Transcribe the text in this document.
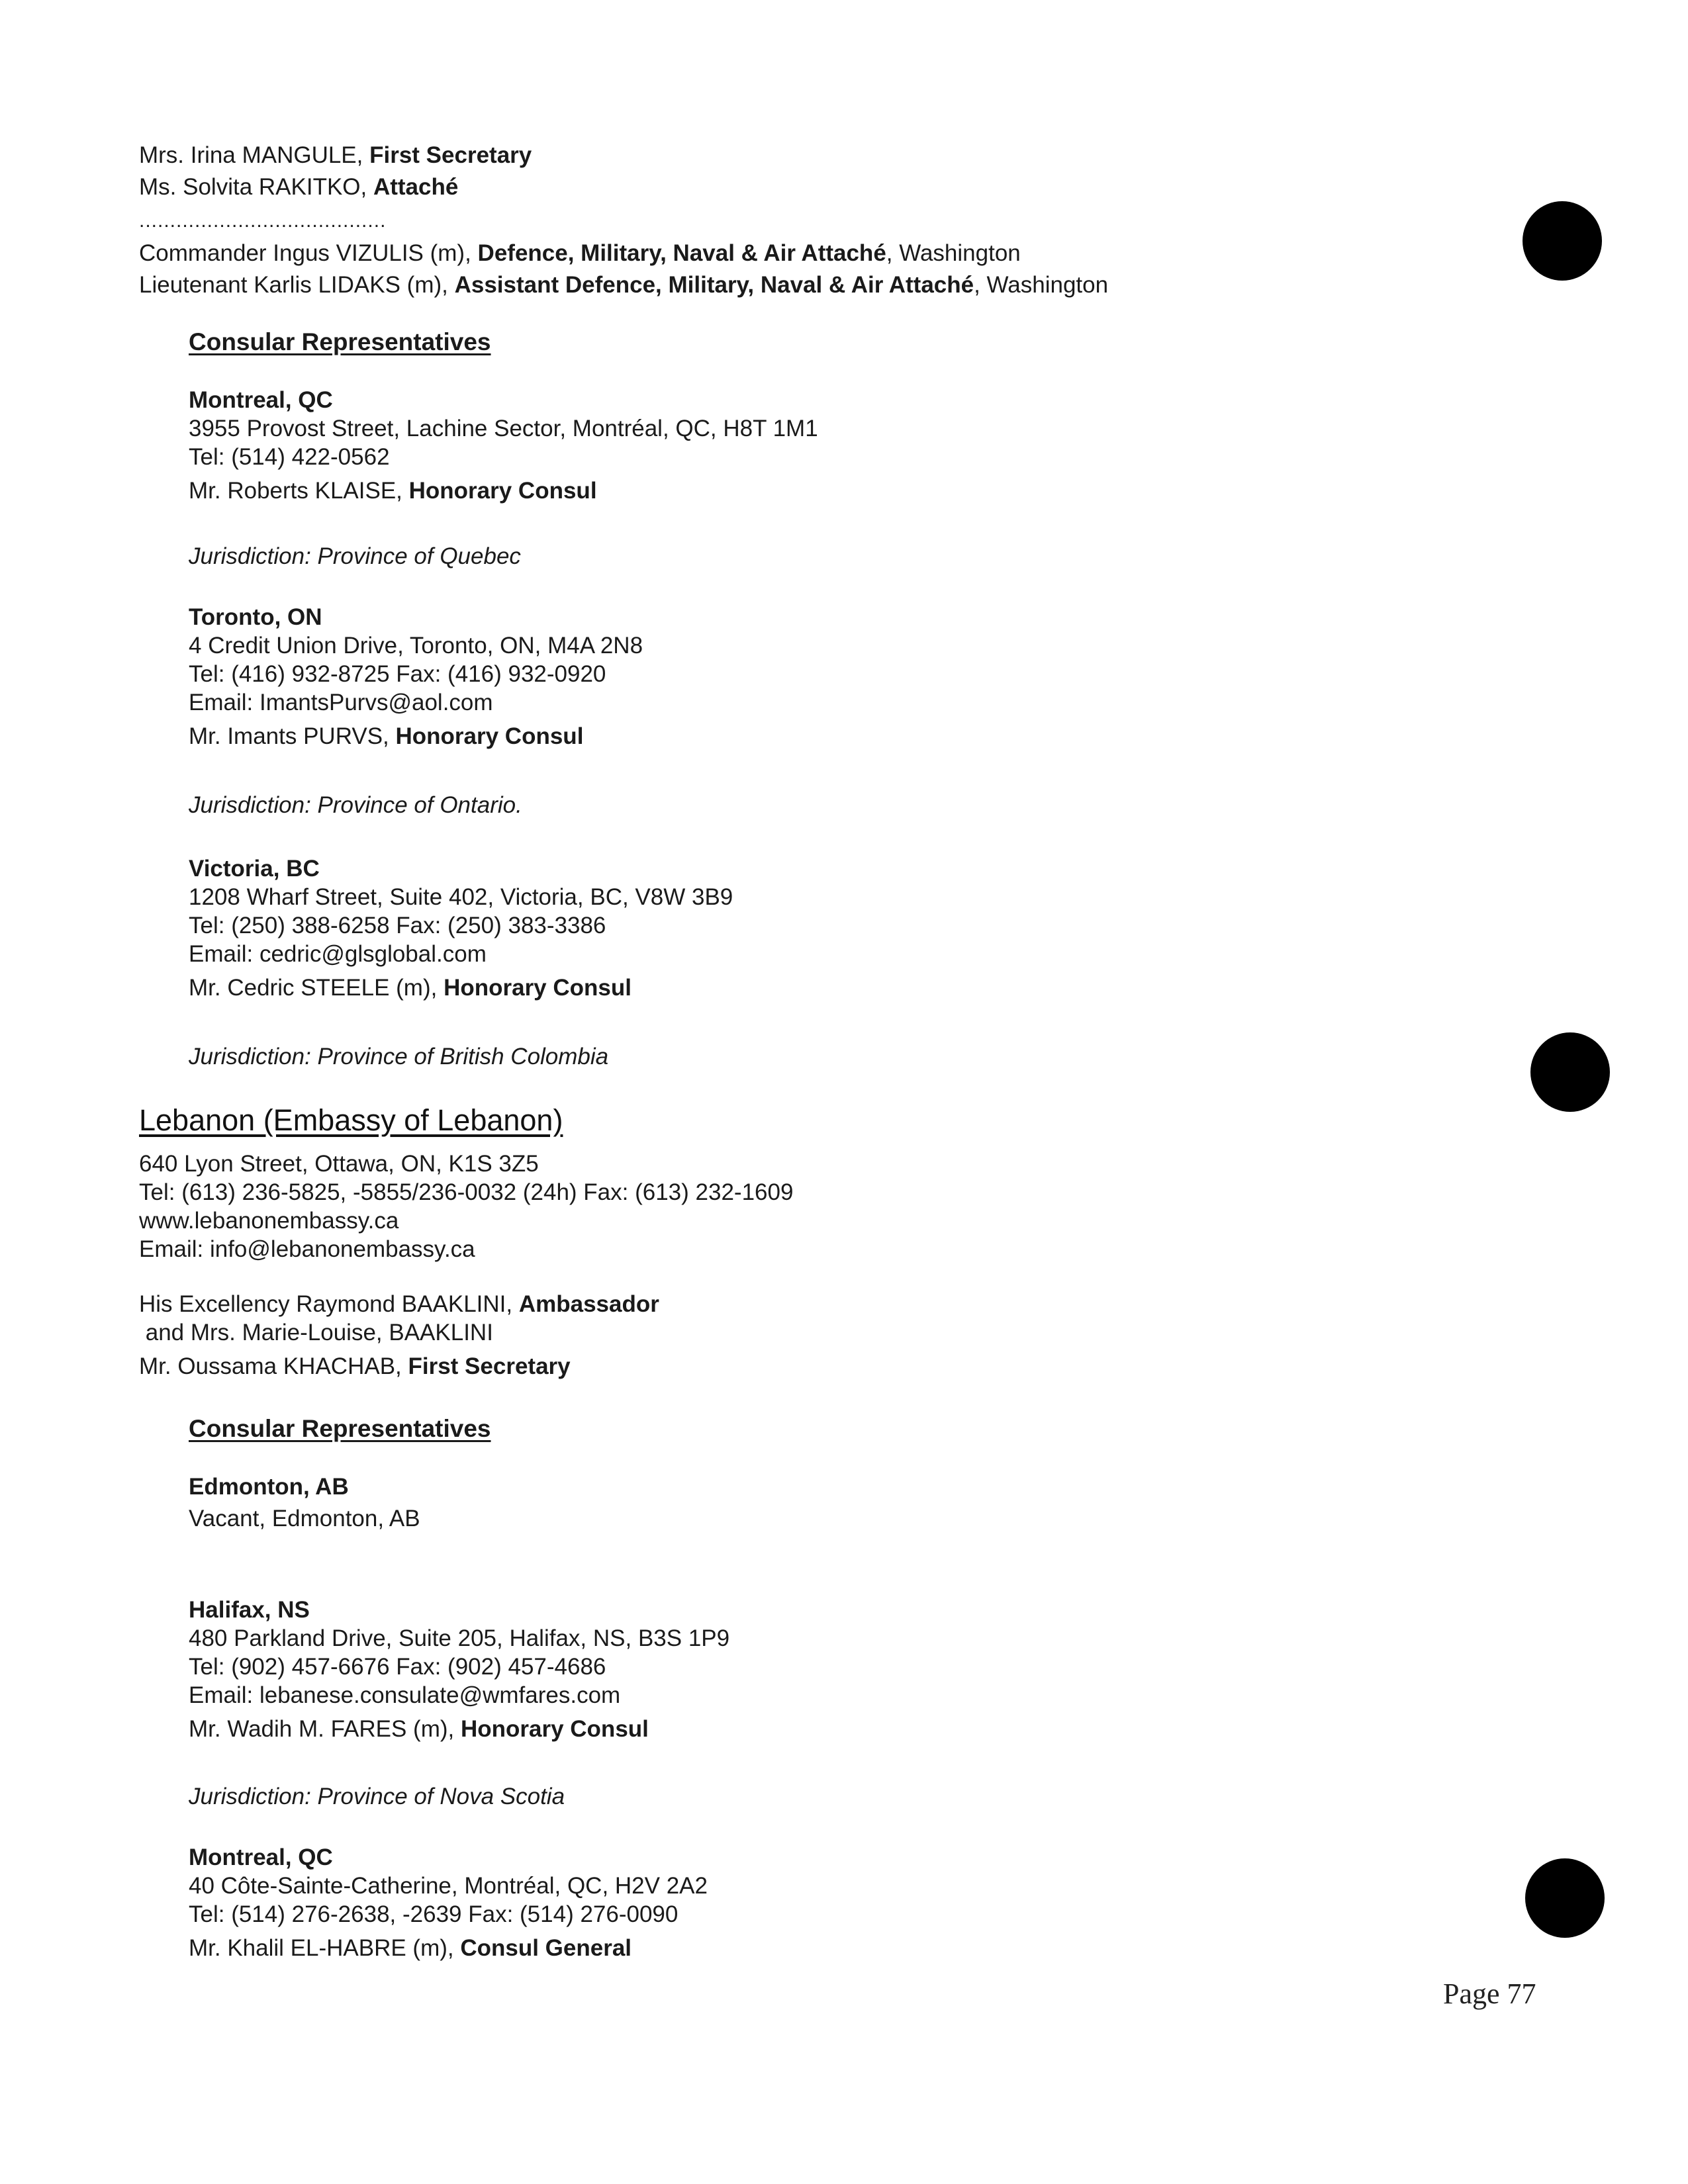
Mrs. Irina MANGULE, First Secretary

Ms. Solvita RAKITKO, Attaché

........................................

Commander Ingus VIZULIS (m), Defence, Military, Naval & Air Attaché, Washington

Lieutenant Karlis LIDAKS (m), Assistant Defence, Military, Naval & Air Attaché, Washington

Consular Representatives

Montreal, QC

3955 Provost Street, Lachine Sector, Montréal, QC, H8T 1M1

Tel: (514) 422-0562

Mr. Roberts KLAISE, Honorary Consul

Jurisdiction: Province of Quebec

Toronto, ON

4 Credit Union Drive, Toronto, ON, M4A 2N8

Tel: (416) 932-8725 Fax: (416) 932-0920

Email: ImantsPurvs@aol.com

Mr. Imants PURVS, Honorary Consul

Jurisdiction: Province of Ontario.

Victoria, BC

1208 Wharf Street, Suite 402, Victoria, BC, V8W 3B9

Tel: (250) 388-6258 Fax: (250) 383-3386

Email: cedric@glsglobal.com

Mr. Cedric STEELE (m), Honorary Consul

Jurisdiction: Province of British Colombia

Lebanon (Embassy of Lebanon)

640 Lyon Street, Ottawa, ON, K1S 3Z5

Tel: (613) 236-5825, -5855/236-0032 (24h) Fax: (613) 232-1609

www.lebanonembassy.ca

Email: info@lebanonembassy.ca

His Excellency Raymond BAAKLINI, Ambassador

and Mrs. Marie-Louise, BAAKLINI

Mr. Oussama KHACHAB, First Secretary

Consular Representatives

Edmonton, AB

Vacant, Edmonton, AB

Halifax, NS

480 Parkland Drive, Suite 205, Halifax, NS, B3S 1P9

Tel: (902) 457-6676 Fax: (902) 457-4686

Email: lebanese.consulate@wmfares.com

Mr. Wadih M. FARES (m), Honorary Consul

Jurisdiction: Province of Nova Scotia

Montreal, QC

40 Côte-Sainte-Catherine, Montréal, QC, H2V 2A2

Tel: (514) 276-2638, -2639 Fax: (514) 276-0090

Mr. Khalil EL-HABRE (m), Consul General

Page 77
